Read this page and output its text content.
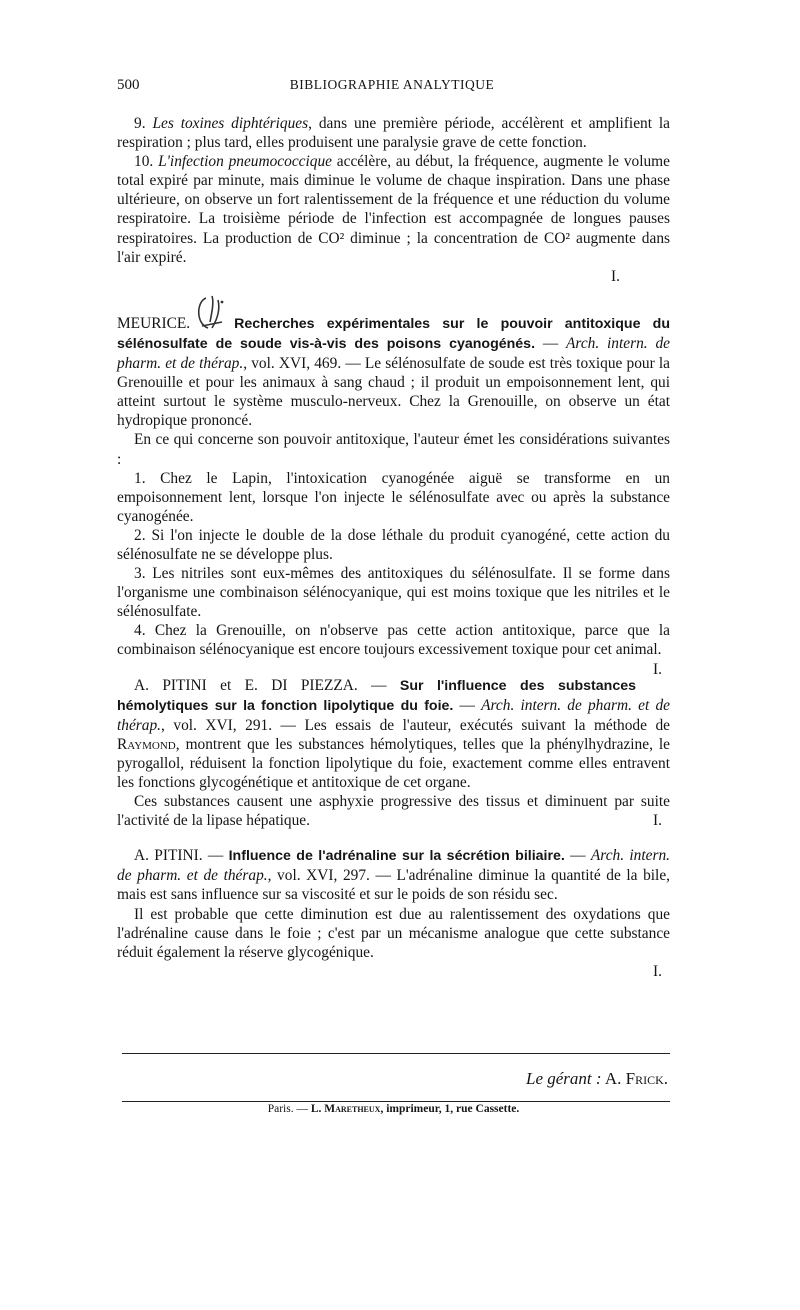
500	BIBLIOGRAPHIE ANALYTIQUE

9. Les toxines diphtériques, dans une première période, accélèrent et amplifient la respiration ; plus tard, elles produisent une paralysie grave de cette fonction.

10. L'infection pneumococcique accélère, au début, la fréquence, augmente le volume total expiré par minute, mais diminue le volume de chaque inspiration. Dans une phase ultérieure, on observe un fort ralentissement de la fréquence et une réduction du volume respiratoire. La troisième période de l'infection est accompagnée de longues pauses respiratoires. La production de CO² diminue ; la concentration de CO² augmente dans l'air expiré.

I.

MEURICE.	Recherches expérimentales sur le pouvoir antitoxique du sélénosulfate de soude vis-à-vis des poisons cyanogénés. — Arch. intern. de pharm. et de thérap., vol. XVI, 469. — Le sélénosulfate de soude est très toxique pour la Grenouille et pour les animaux à sang chaud ; il produit un empoisonnement lent, qui atteint surtout le système musculo-nerveux. Chez la Grenouille, on observe un état hydropique prononcé.

En ce qui concerne son pouvoir antitoxique, l'auteur émet les considérations suivantes :

1. Chez le Lapin, l'intoxication cyanogénée aiguë se transforme en un empoisonnement lent, lorsque l'on injecte le sélénosulfate avec ou après la substance cyanogénée.

2. Si l'on injecte le double de la dose léthale du produit cyanogéné, cette action du sélénosulfate ne se développe plus.

3. Les nitriles sont eux-mêmes des antitoxiques du sélénosulfate. Il se forme dans l'organisme une combinaison sélénocyanique, qui est moins toxique que les nitriles et le sélénosulfate.

4. Chez la Grenouille, on n'observe pas cette action antitoxique, parce que la combinaison sélénocyanique est encore toujours excessivement toxique pour cet animal.
I.

A. PITINI et E. DI PIEZZA. — Sur l'influence des substances hémolytiques sur la fonction lipolytique du foie. — Arch. intern. de pharm. et de thérap., vol. XVI, 291. — Les essais de l'auteur, exécutés suivant la méthode de Raymond, montrent que les substances hémolytiques, telles que la phénylhydrazine, le pyrogallol, réduisent la fonction lipolytique du foie, exactement comme elles entravent les fonctions glycogénétique et antitoxique de cet organe.

Ces substances causent une asphyxie progressive des tissus et diminuent par suite l'activité de la lipase hépatique.	I.

A. PITINI. — Influence de l'adrénaline sur la sécrétion biliaire. — Arch. intern. de pharm. et de thérap., vol. XVI, 297. — L'adrénaline diminue la quantité de la bile, mais est sans influence sur sa viscosité et sur le poids de son résidu sec.

Il est probable que cette diminution est due au ralentissement des oxydations que l'adrénaline cause dans le foie ; c'est par un mécanisme analogue que cette substance réduit également la réserve glycogénique.

I.

Le gérant : A. Frick.
Paris. — L. Maretheux, imprimeur, 1, rue Cassette.
